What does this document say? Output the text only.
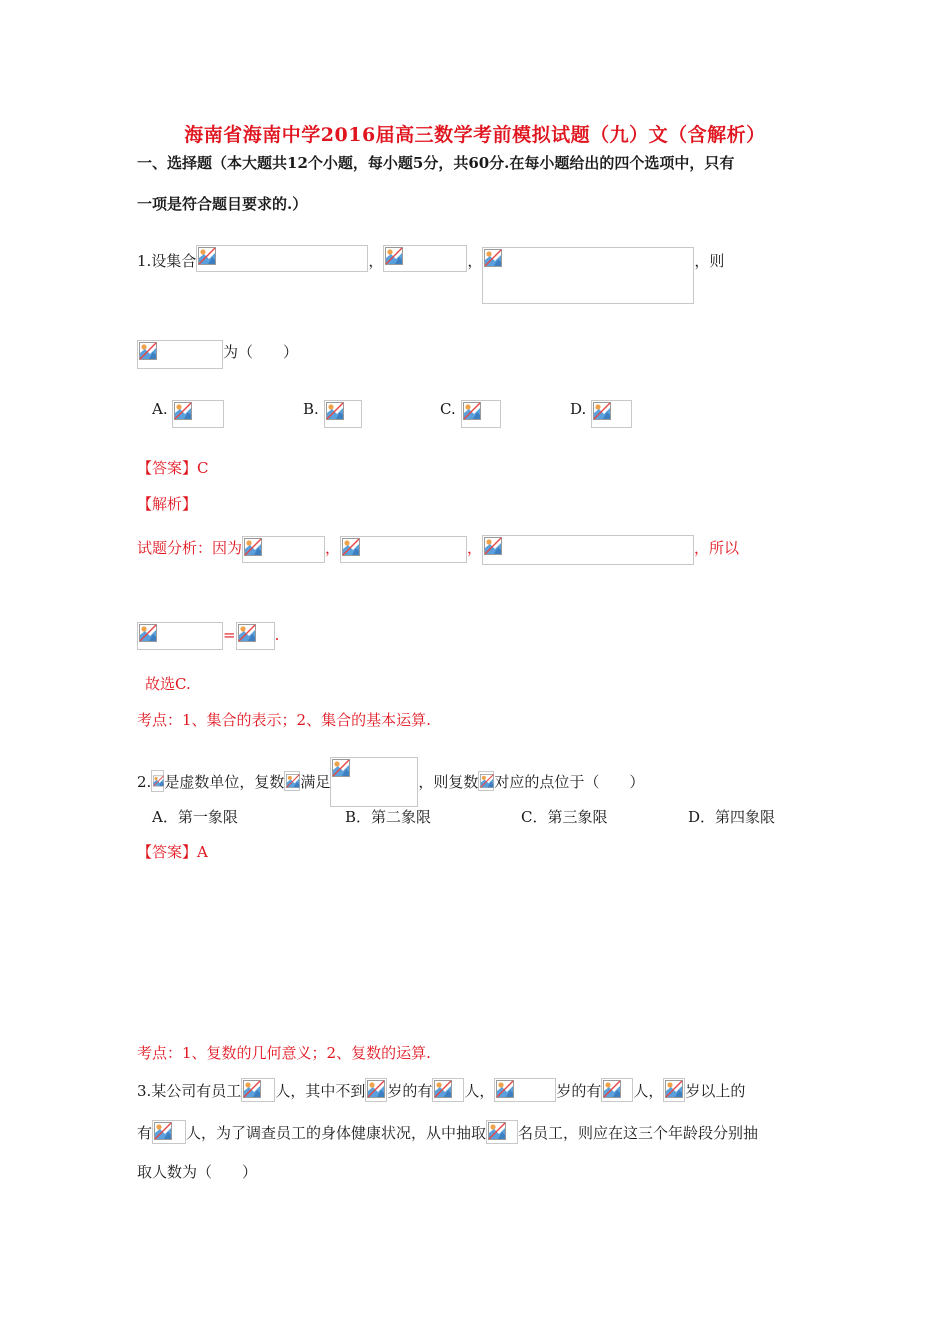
海南省海南中学2016届高三数学考前模拟试题（九）文（含解析）
一、选择题（本大题共12个小题，每小题5分，共60分.在每小题给出的四个选项中，只有
一项是符合题目要求的.）
1.设集合	，	，	，则
为（　　）
A.	B.	C.	D.
【答案】C
【解析】
试题分析：因为	，	，	，所以
=	.
故选C.
考点：1、集合的表示；2、集合的基本运算.
2. 是虚数单位，复数 满足	，则复数 对应的点位于（　　）
A．第一象限	B．第二象限	C．第三象限	D．第四象限
【答案】A
考点：1、复数的几何意义；2、复数的运算.
3.某公司有员工 人，其中不到 岁的有 人，	岁的有 人， 岁以上的
有 人，为了调查员工的身体健康状况，从中抽取 名员工，则应在这三个年龄段分别抽
取人数为（　　）
